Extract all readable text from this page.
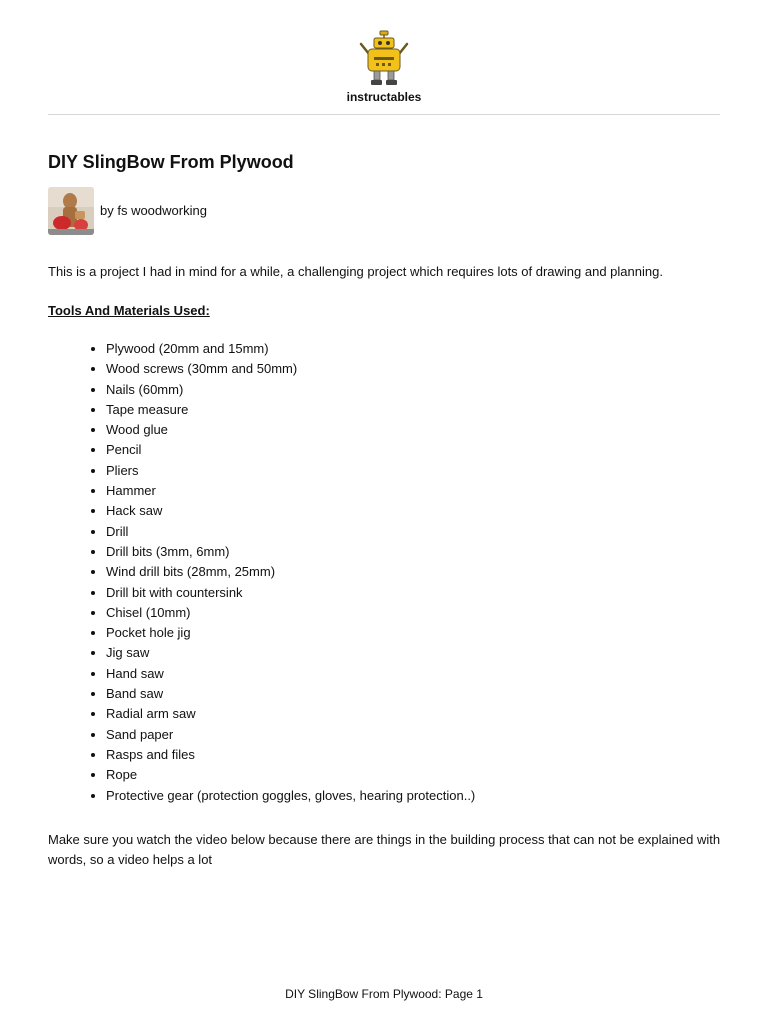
instructables
DIY SlingBow From Plywood
by fs woodworking

This is a project I had in mind for a while, a challenging project which requires lots of drawing and planning.

Tools And Materials Used:

• Plywood (20mm and 15mm)
• Wood screws (30mm and 50mm)
• Nails (60mm)
• Tape measure
• Wood glue
• Pencil
• Pliers
• Hammer
• Hack saw
• Drill
• Drill bits (3mm, 6mm)
• Wind drill bits (28mm, 25mm)
• Drill bit with countersink
• Chisel (10mm)
• Pocket hole jig
• Jig saw
• Hand saw
• Band saw
• Radial arm saw
• Sand paper
• Rasps and files
• Rope
• Protective gear (protection goggles, gloves, hearing protection..)

Make sure you watch the video below because there are things in the building process that can not be explained with words, so a video helps a lot

DIY SlingBow From Plywood: Page 1
